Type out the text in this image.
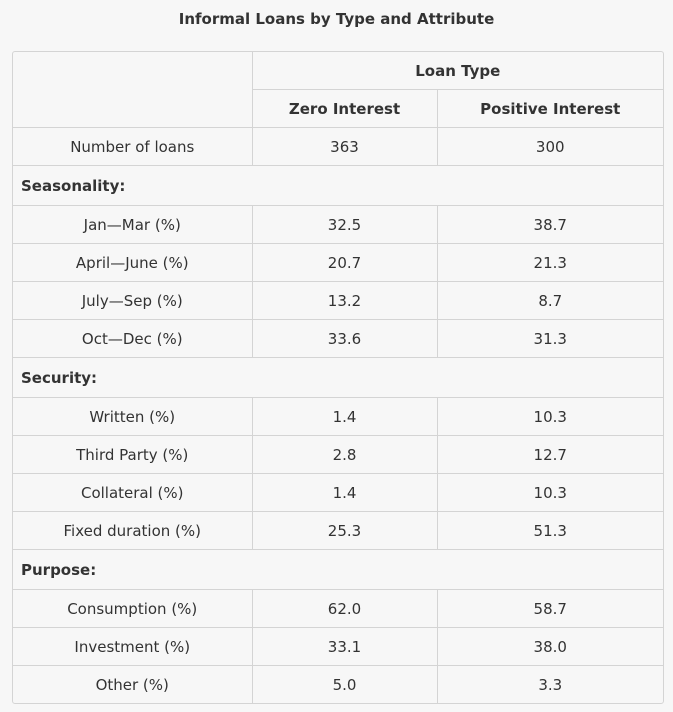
Informal Loans by Type and Attribute
	Loan Type	
	Zero Interest	Positive Interest
Number of loans	363	300
Seasonality:		
Jan—Mar (%)	32.5	38.7
April—June (%)	20.7	21.3
July—Sep (%)	13.2	8.7
Oct—Dec (%)	33.6	31.3
Security:		
Written (%)	1.4	10.3
Third Party (%)	2.8	12.7
Collateral (%)	1.4	10.3
Fixed duration (%)	25.3	51.3
Purpose:		
Consumption (%)	62.0	58.7
Investment (%)	33.1	38.0
Other (%)	5.0	3.3
